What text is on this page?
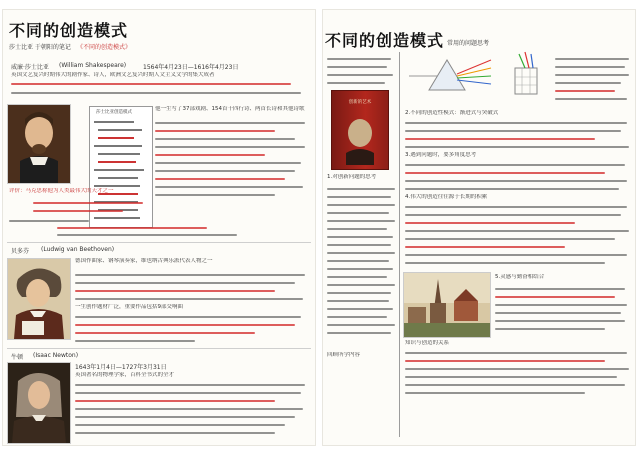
不同的创造模式
莎士比亚 于朝阳的笔记 《不同的创造模式》
威廉·莎士比亚 (William Shakespeare)	1564年4月23日—1616年4月23日
英国文艺复兴时期伟大的剧作家、诗人，欧洲文艺复兴时期人文主义文学的集大成者
莎士比亚创造模式
他一生写了37部戏剧、154首十四行诗、两首长诗和其他诗歌
评价：马克思称他为人类最伟大的天才之一
贝多芬 (Ludwig van Beethoven)
德国作曲家、钢琴演奏家，维也纳古典乐派代表人物之一
一生创作题材广泛，重要作品包括9部交响曲
牛顿 (Isaac Newton)
1643年1月4日—1727年3月31日
英国著名的物理学家，百科全书式的全才
不同的创造模式 常用的问题思考
创新的艺术
1.对创新问题的思考
回顾所学内容
2.不同的创造性模式：渐进式与突破式
3.遇到问题时，要多角度思考
4.伟大的创造往往源于长期的积累
5.灵感与勤奋相结合
知识与创造的关系
